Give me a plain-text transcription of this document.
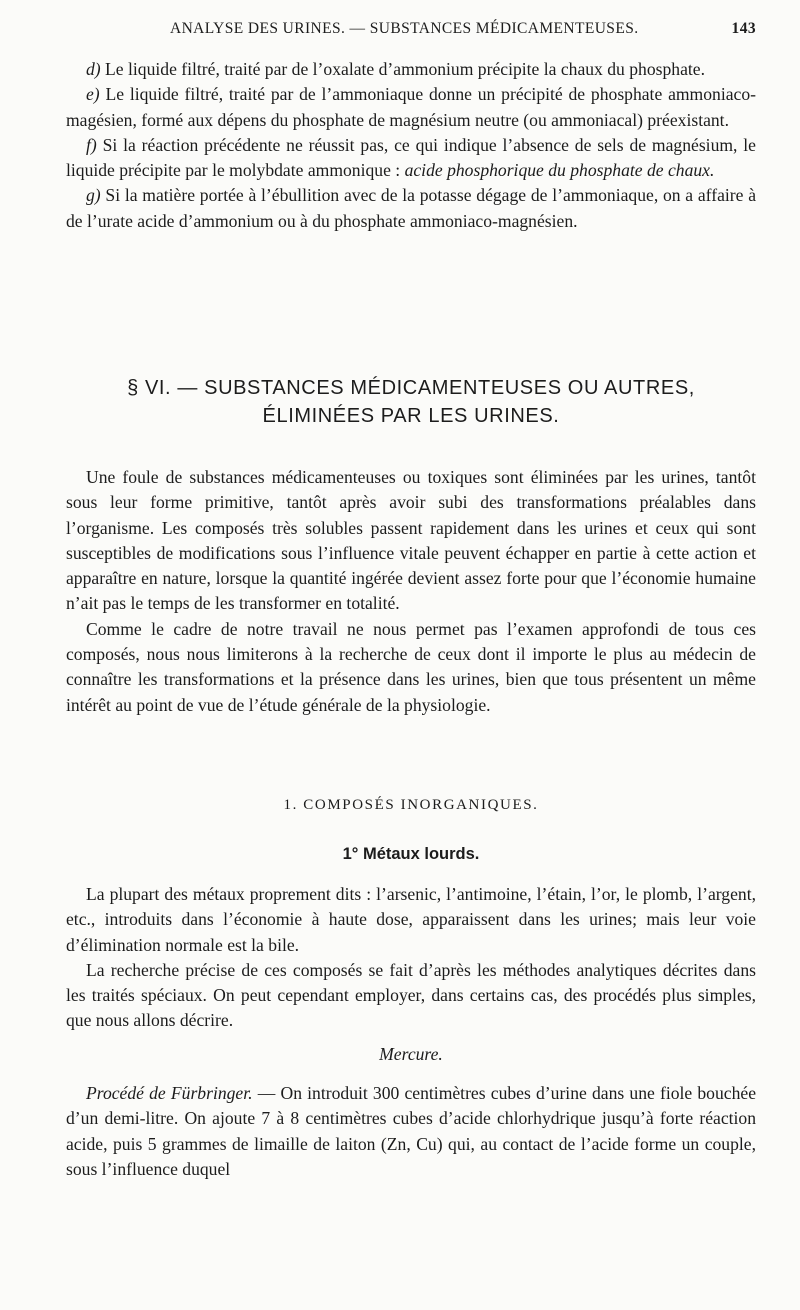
ANALYSE DES URINES. — SUBSTANCES MÉDICAMENTEUSES.	143

d) Le liquide filtré, traité par de l’oxalate d’ammonium précipite la chaux du phosphate.

e) Le liquide filtré, traité par de l’ammoniaque donne un précipité de phosphate ammoniaco-magésien, formé aux dépens du phosphate de magnésium neutre (ou ammoniacal) préexistant.

f) Si la réaction précédente ne réussit pas, ce qui indique l’absence de sels de magnésium, le liquide précipite par le molybdate ammonique : acide phosphorique du phosphate de chaux.

g) Si la matière portée à l’ébullition avec de la potasse dégage de l’ammoniaque, on a affaire à de l’urate acide d’ammonium ou à du phosphate ammoniaco-magnésien.

§ VI. — SUBSTANCES MÉDICAMENTEUSES OU AUTRES,
ÉLIMINÉES PAR LES URINES.

Une foule de substances médicamenteuses ou toxiques sont éliminées par les urines, tantôt sous leur forme primitive, tantôt après avoir subi des transformations préalables dans l’organisme. Les composés très solubles passent rapidement dans les urines et ceux qui sont susceptibles de modifications sous l’influence vitale peuvent échapper en partie à cette action et apparaître en nature, lorsque la quantité ingérée devient assez forte pour que l’économie humaine n’ait pas le temps de les transformer en totalité.

Comme le cadre de notre travail ne nous permet pas l’examen approfondi de tous ces composés, nous nous limiterons à la recherche de ceux dont il importe le plus au médecin de connaître les transformations et la présence dans les urines, bien que tous présentent un même intérêt au point de vue de l’étude générale de la physiologie.

1. COMPOSÉS INORGANIQUES.
1° Métaux lourds.

La plupart des métaux proprement dits : l’arsenic, l’antimoine, l’étain, l’or, le plomb, l’argent, etc., introduits dans l’économie à haute dose, apparaissent dans les urines; mais leur voie d’élimination normale est la bile.

La recherche précise de ces composés se fait d’après les méthodes analytiques décrites dans les traités spéciaux. On peut cependant employer, dans certains cas, des procédés plus simples, que nous allons décrire.

Mercure.

Procédé de Fürbringer. — On introduit 300 centimètres cubes d’urine dans une fiole bouchée d’un demi-litre. On ajoute 7 à 8 centimètres cubes d’acide chlorhydrique jusqu’à forte réaction acide, puis 5 grammes de limaille de laiton (Zn, Cu) qui, au contact de l’acide forme un couple, sous l’influence duquel
